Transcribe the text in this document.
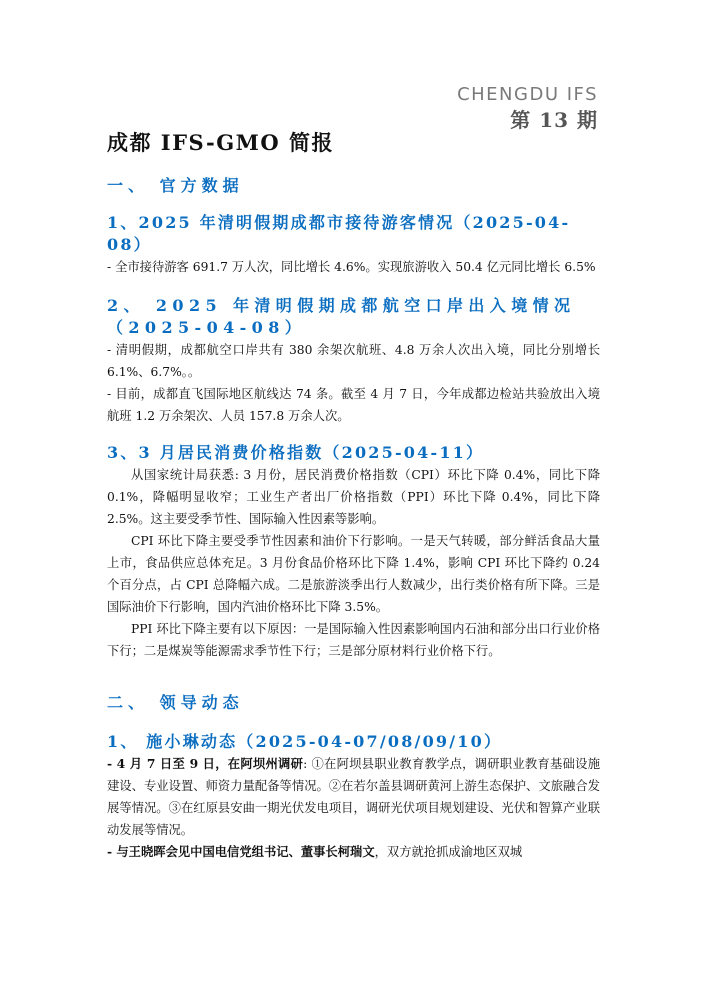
CHENGDU IFS
第 13 期
成都 IFS-GMO 简报
一、 官方数据
1、2025 年清明假期成都市接待游客情况（2025-04-08）

- 全市接待游客 691.7 万人次，同比增长 4.6%。实现旅游收入 50.4 亿元同比增长 6.5%

2、 2025 年清明假期成都航空口岸出入境情况（2025-04-08）

- 清明假期，成都航空口岸共有 380 余架次航班、4.8 万余人次出入境，同比分别增长 6.1%、6.7%。。

- 目前，成都直飞国际地区航线达 74 条。截至 4 月 7 日，今年成都边检站共验放出入境航班 1.2 万余架次、人员 157.8 万余人次。

3、3 月居民消费价格指数（2025-04-11）

从国家统计局获悉: 3 月份，居民消费价格指数（CPI）环比下降 0.4%，同比下降 0.1%，降幅明显收窄；工业生产者出厂价格指数（PPI）环比下降 0.4%，同比下降 2.5%。这主要受季节性、国际输入性因素等影响。

CPI 环比下降主要受季节性因素和油价下行影响。一是天气转暖，部分鲜活食品大量上市，食品供应总体充足。3 月份食品价格环比下降 1.4%，影响 CPI 环比下降约 0.24 个百分点，占 CPI 总降幅六成。二是旅游淡季出行人数减少，出行类价格有所下降。三是国际油价下行影响，国内汽油价格环比下降 3.5%。

PPI 环比下降主要有以下原因：一是国际输入性因素影响国内石油和部分出口行业价格下行；二是煤炭等能源需求季节性下行；三是部分原材料行业价格下行。

二、 领导动态
1、 施小琳动态（2025-04-07/08/09/10）

- 4 月 7 日至 9 日，在阿坝州调研: ①在阿坝县职业教育教学点，调研职业教育基础设施建设、专业设置、师资力量配备等情况。②在若尔盖县调研黄河上游生态保护、文旅融合发展等情况。③在红原县安曲一期光伏发电项目，调研光伏项目规划建设、光伏和智算产业联动发展等情况。

- 与王晓晖会见中国电信党组书记、董事长柯瑞文，双方就抢抓成渝地区双城
